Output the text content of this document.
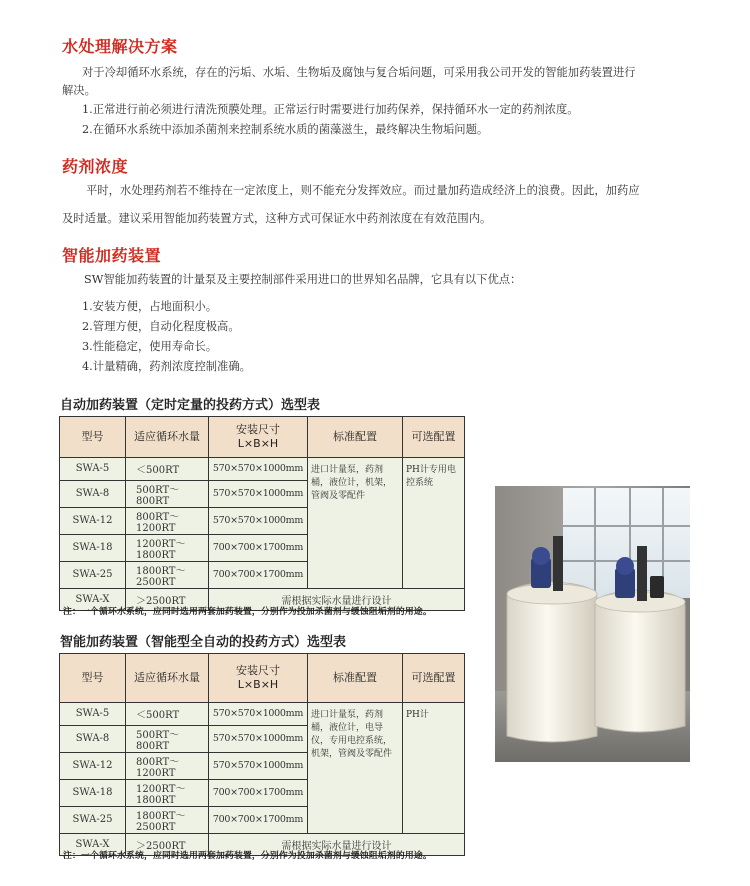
水处理解决方案

对于冷却循环水系统，存在的污垢、水垢、生物垢及腐蚀与复合垢问题，可采用我公司开发的智能加药装置进行

解决。

1.正常进行前必须进行清洗预膜处理。正常运行时需要进行加药保养，保持循环水一定的药剂浓度。

2.在循环水系统中添加杀菌剂来控制系统水质的菌藻滋生，最终解决生物垢问题。

药剂浓度

平时，水处理药剂若不维持在一定浓度上，则不能充分发挥效应。而过量加药造成经济上的浪费。因此，加药应

及时适量。建议采用智能加药装置方式，这种方式可保证水中药剂浓度在有效范围内。

智能加药装置

SW智能加药装置的计量泵及主要控制部件采用进口的世界知名品牌，它具有以下优点：

1.安装方便，占地面积小。

2.管理方便，自动化程度极高。

3.性能稳定，使用寿命长。

4.计量精确，药剂浓度控制准确。

自动加药装置（定时定量的投药方式）选型表
型号	适应循环水量	安装尺寸
L×B×H	标准配置	可选配置
SWA-5	＜500RT	570×570×1000mm	进口计量泵，药剂桶，液位计，机架，管阀及零配件	PH计专用电控系统
SWA-8	500RT～800RT	570×570×1000mm		
SWA-12	800RT～1200RT	570×570×1000mm		
SWA-18	1200RT～1800RT	700×700×1700mm		
SWA-25	1800RT～2500RT	700×700×1700mm		
SWA-X	＞2500RT	需根据实际水量进行设计		

注：一个循环水系统，应同时选用两套加药装置，分别作为投加杀菌剂与缓蚀阻垢剂的用途。

智能加药装置（智能型全自动的投药方式）选型表
型号	适应循环水量	安装尺寸
L×B×H	标准配置	可选配置
SWA-5	＜500RT	570×570×1000mm	进口计量泵，药剂桶，液位计，电导仪，专用电控系统，机架，管阀及零配件	PH计
SWA-8	500RT～800RT	570×570×1000mm		
SWA-12	800RT～1200RT	570×570×1000mm		
SWA-18	1200RT～1800RT	700×700×1700mm		
SWA-25	1800RT～2500RT	700×700×1700mm		
SWA-X	＞2500RT	需根据实际水量进行设计		

注：一个循环水系统，应同时选用两套加药装置，分别作为投加杀菌剂与缓蚀阻垢剂的用途。
